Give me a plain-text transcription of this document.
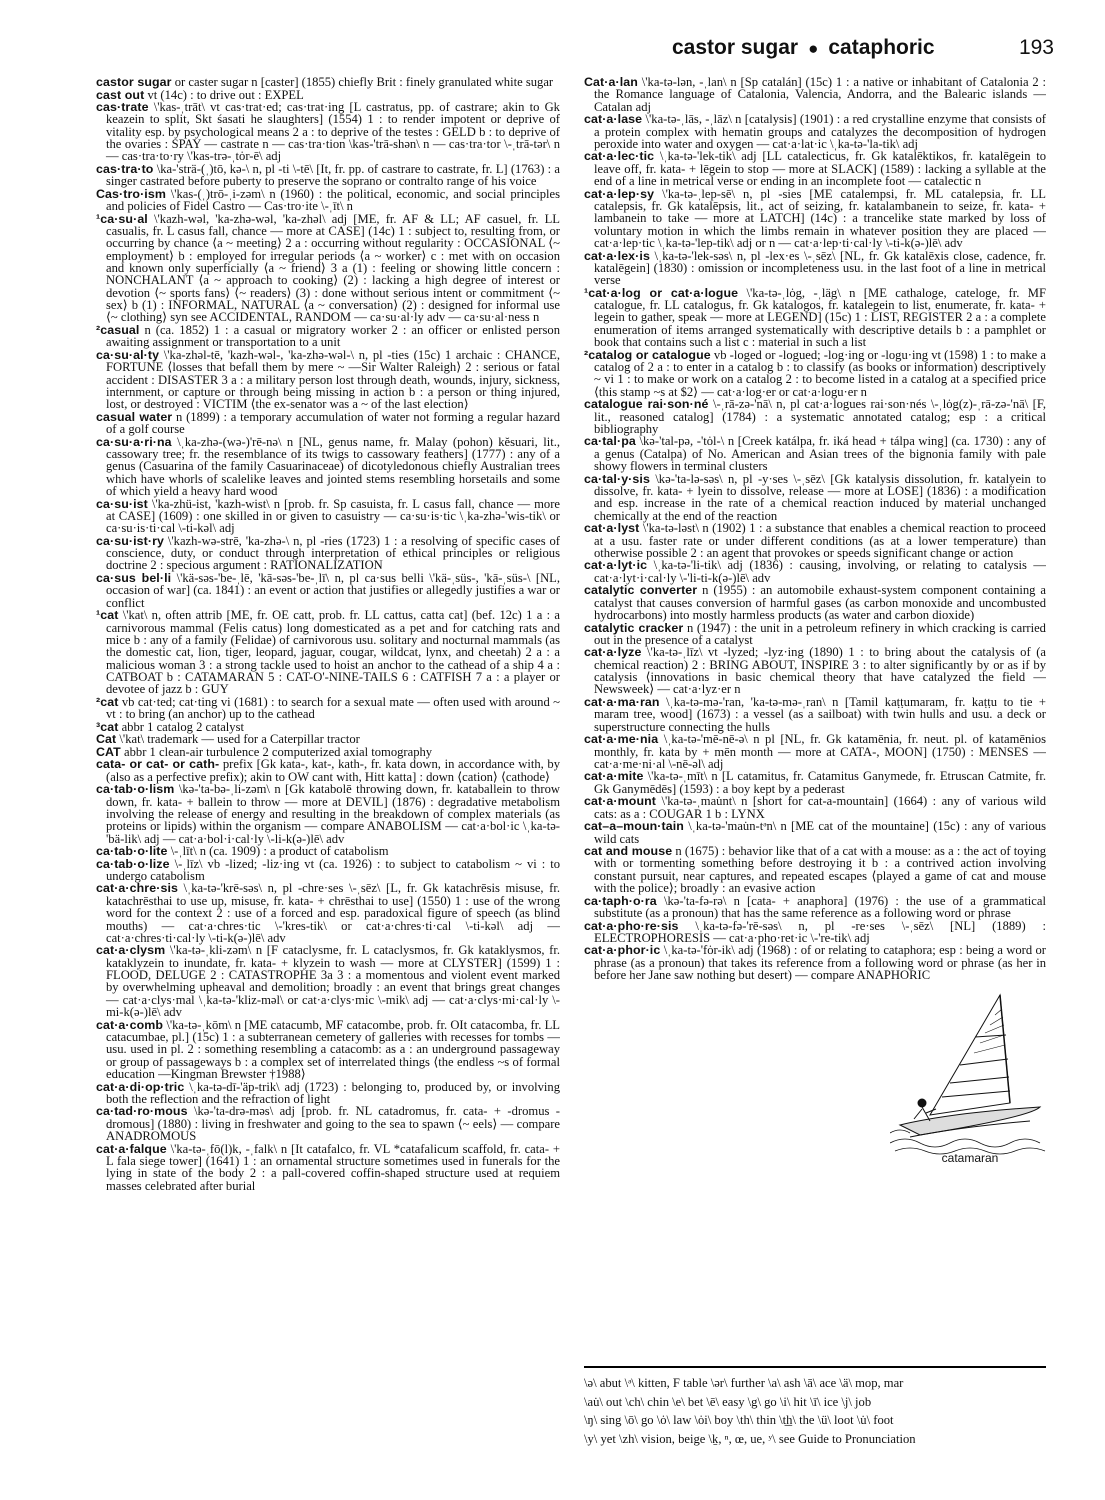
castor sugar ● cataphoric	193

castor sugar or caster sugar n [caster] (1855) chiefly Brit : finely granulated white sugar

cast out vt (14c) : to drive out : EXPEL

cas·trate \'kas-ˌtrāt\ vt cas·trat·ed; cas·trat·ing [L castratus, pp. of castrare; akin to Gk keazein to split, Skt śasati he slaughters] (1554) 1 : to render impotent or deprive of vitality esp. by psychological means 2 a : to deprive of the testes : GELD b : to deprive of the ovaries : SPAY — castrate n — cas·tra·tion \kas-'trā-shən\ n — cas·tra·tor \-ˌtrā-tər\ n — cas·tra·to·ry \'kas-trə-ˌtȯr-ē\ adj

cas·tra·to \ka-'strä-(ˌ)tō, kə-\ n, pl -ti \-tē\ [It, fr. pp. of castrare to castrate, fr. L] (1763) : a singer castrated before puberty to preserve the soprano or contralto range of his voice

Cas·tro·ism \'kas-(ˌ)trō-ˌi-zəm\ n (1960) : the political, economic, and social principles and policies of Fidel Castro — Cas·tro·ite \-ˌīt\ n

¹ca·su·al \'kazh-wəl, 'ka-zhə-wəl, 'ka-zhəl\ adj [ME, fr. AF & LL; AF casuel, fr. LL casualis, fr. L casus fall, chance — more at CASE] (14c) 1 : subject to, resulting from, or occurring by chance ⟨a ~ meeting⟩ 2 a : occurring without regularity : OCCASIONAL ⟨~ employment⟩ b : employed for irregular periods ⟨a ~ worker⟩ c : met with on occasion and known only superficially ⟨a ~ friend⟩ 3 a (1) : feeling or showing little concern : NONCHALANT ⟨a ~ approach to cooking⟩ (2) : lacking a high degree of interest or devotion ⟨~ sports fans⟩ ⟨~ readers⟩ (3) : done without serious intent or commitment ⟨~ sex⟩ b (1) : INFORMAL, NATURAL ⟨a ~ conversation⟩ (2) : designed for informal use ⟨~ clothing⟩ syn see ACCIDENTAL, RANDOM — ca·su·al·ly adv — ca·su·al·ness n

²casual n (ca. 1852) 1 : a casual or migratory worker 2 : an officer or enlisted person awaiting assignment or transportation to a unit

ca·su·al·ty \'ka-zhəl-tē, 'kazh-wəl-, 'ka-zhə-wəl-\ n, pl -ties (15c) 1 archaic : CHANCE, FORTUNE ⟨losses that befall them by mere ~ —Sir Walter Raleigh⟩ 2 : serious or fatal accident : DISASTER 3 a : a military person lost through death, wounds, injury, sickness, internment, or capture or through being missing in action b : a person or thing injured, lost, or destroyed : VICTIM ⟨the ex-senator was a ~ of the last election⟩

casual water n (1899) : a temporary accumulation of water not forming a regular hazard of a golf course

ca·su·a·ri·na \ˌka-zhə-(wə-)'rē-nə\ n [NL, genus name, fr. Malay (pohon) kĕsuari, lit., cassowary tree; fr. the resemblance of its twigs to cassowary feathers] (1777) : any of a genus (Casuarina of the family Casuarinaceae) of dicotyledonous chiefly Australian trees which have whorls of scalelike leaves and jointed stems resembling horsetails and some of which yield a heavy hard wood

ca·su·ist \'ka-zhü-ist, 'kazh-wist\ n [prob. fr. Sp casuista, fr. L casus fall, chance — more at CASE] (1609) : one skilled in or given to casuistry — ca·su·is·tic \ˌka-zhə-'wis-tik\ or ca·su·is·ti·cal \-ti-kəl\ adj

ca·su·ist·ry \'kazh-wə-strē, 'ka-zhə-\ n, pl -ries (1723) 1 : a resolving of specific cases of conscience, duty, or conduct through interpretation of ethical principles or religious doctrine 2 : specious argument : RATIONALIZATION

ca·sus bel·li \'kä-səs-'be-ˌlē, 'kā-səs-'be-ˌlī\ n, pl ca·sus belli \'kä-ˌsüs-, 'kā-ˌsüs-\ [NL, occasion of war] (ca. 1841) : an event or action that justifies or allegedly justifies a war or conflict

¹cat \'kat\ n, often attrib [ME, fr. OE catt, prob. fr. LL cattus, catta cat] (bef. 12c) 1 a : a carnivorous mammal (Felis catus) long domesticated as a pet and for catching rats and mice b : any of a family (Felidae) of carnivorous usu. solitary and nocturnal mammals (as the domestic cat, lion, tiger, leopard, jaguar, cougar, wildcat, lynx, and cheetah) 2 a : a malicious woman 3 : a strong tackle used to hoist an anchor to the cathead of a ship 4 a : CATBOAT b : CATAMARAN 5 : CAT-O'-NINE-TAILS 6 : CATFISH 7 a : a player or devotee of jazz b : GUY

²cat vb cat·ted; cat·ting vi (1681) : to search for a sexual mate — often used with around ~ vt : to bring (an anchor) up to the cathead

³cat abbr 1 catalog 2 catalyst

Cat \'kat\ trademark — used for a Caterpillar tractor

CAT abbr 1 clean-air turbulence 2 computerized axial tomography

cata- or cat- or cath- prefix [Gk kata-, kat-, kath-, fr. kata down, in accordance with, by (also as a perfective prefix); akin to OW cant with, Hitt katta] : down ⟨cation⟩ ⟨cathode⟩

ca·tab·o·lism \kə-'ta-bə-ˌli-zəm\ n [Gk katabolē throwing down, fr. kataballein to throw down, fr. kata- + ballein to throw — more at DEVIL] (1876) : degradative metabolism involving the release of energy and resulting in the breakdown of complex materials (as proteins or lipids) within the organism — compare ANABOLISM — cat·a·bol·ic \ˌka-tə-'bä-lik\ adj — cat·a·bol·i·cal·ly \-li-k(ə-)lē\ adv

ca·tab·o·lite \-ˌlīt\ n (ca. 1909) : a product of catabolism

ca·tab·o·lize \-ˌlīz\ vb -lized; -liz·ing vt (ca. 1926) : to subject to catabolism ~ vi : to undergo catabolism

cat·a·chre·sis \ˌka-tə-'krē-səs\ n, pl -chre·ses \-ˌsēz\ [L, fr. Gk katachrēsis misuse, fr. katachrēsthai to use up, misuse, fr. kata- + chrēsthai to use] (1550) 1 : use of the wrong word for the context 2 : use of a forced and esp. paradoxical figure of speech (as blind mouths) — cat·a·chres·tic \-'kres-tik\ or cat·a·chres·ti·cal \-ti-kəl\ adj — cat·a·chres·ti·cal·ly \-ti-k(ə-)lē\ adv

cat·a·clysm \'ka-tə-ˌkli-zəm\ n [F cataclysme, fr. L cataclysmos, fr. Gk kataklysmos, fr. kataklyzein to inundate, fr. kata- + klyzein to wash — more at CLYSTER] (1599) 1 : FLOOD, DELUGE 2 : CATASTROPHE 3a 3 : a momentous and violent event marked by overwhelming upheaval and demolition; broadly : an event that brings great changes — cat·a·clys·mal \ˌka-tə-'kliz-məl\ or cat·a·clys·mic \-mik\ adj — cat·a·clys·mi·cal·ly \-mi-k(ə-)lē\ adv

cat·a·comb \'ka-tə-ˌkōm\ n [ME catacumb, MF catacombe, prob. fr. OIt catacomba, fr. LL catacumbae, pl.] (15c) 1 : a subterranean cemetery of galleries with recesses for tombs — usu. used in pl. 2 : something resembling a catacomb: as a : an underground passageway or group of passageways b : a complex set of interrelated things ⟨the endless ~s of formal education —Kingman Brewster †1988⟩

cat·a·di·op·tric \ˌka-tə-dī-'äp-trik\ adj (1723) : belonging to, produced by, or involving both the reflection and the refraction of light

ca·tad·ro·mous \kə-'ta-drə-məs\ adj [prob. fr. NL catadromus, fr. cata- + -dromus -dromous] (1880) : living in freshwater and going to the sea to spawn ⟨~ eels⟩ — compare ANADROMOUS

cat·a·falque \'ka-tə-ˌfō(l)k, -ˌfalk\ n [It catafalco, fr. VL *catafalicum scaffold, fr. cata- + L fala siege tower] (1641) 1 : an ornamental structure sometimes used in funerals for the lying in state of the body 2 : a pall-covered coffin-shaped structure used at requiem masses celebrated after burial

Cat·a·lan \'ka-tə-lən, -ˌlan\ n [Sp catalán] (15c) 1 : a native or inhabitant of Catalonia 2 : the Romance language of Catalonia, Valencia, Andorra, and the Balearic islands — Catalan adj

cat·a·lase \'ka-tə-ˌlās, -ˌlāz\ n [catalysis] (1901) : a red crystalline enzyme that consists of a protein complex with hematin groups and catalyzes the decomposition of hydrogen peroxide into water and oxygen — cat·a·lat·ic \ˌka-tə-'la-tik\ adj

cat·a·lec·tic \ˌka-tə-'lek-tik\ adj [LL catalecticus, fr. Gk katalēktikos, fr. katalēgein to leave off, fr. kata- + lēgein to stop — more at SLACK] (1589) : lacking a syllable at the end of a line in metrical verse or ending in an incomplete foot — catalectic n

cat·a·lep·sy \'ka-tə-ˌlep-sē\ n, pl -sies [ME catalempsi, fr. ML catalepsia, fr. LL catalepsis, fr. Gk katalēpsis, lit., act of seizing, fr. katalambanein to seize, fr. kata- + lambanein to take — more at LATCH] (14c) : a trancelike state marked by loss of voluntary motion in which the limbs remain in whatever position they are placed — cat·a·lep·tic \ˌka-tə-'lep-tik\ adj or n — cat·a·lep·ti·cal·ly \-ti-k(ə-)lē\ adv

cat·a·lex·is \ˌka-tə-'lek-səs\ n, pl -lex·es \-ˌsēz\ [NL, fr. Gk katalēxis close, cadence, fr. katalēgein] (1830) : omission or incompleteness usu. in the last foot of a line in metrical verse

¹cat·a·log or cat·a·logue \'ka-tə-ˌlȯg, -ˌläg\ n [ME cathaloge, cateloge, fr. MF catalogue, fr. LL catalogus, fr. Gk katalogos, fr. katalegein to list, enumerate, fr. kata- + legein to gather, speak — more at LEGEND] (15c) 1 : LIST, REGISTER 2 a : a complete enumeration of items arranged systematically with descriptive details b : a pamphlet or book that contains such a list c : material in such a list

²catalog or catalogue vb -loged or -logued; -log·ing or -logu·ing vt (1598) 1 : to make a catalog of 2 a : to enter in a catalog b : to classify (as books or information) descriptively ~ vi 1 : to make or work on a catalog 2 : to become listed in a catalog at a specified price ⟨this stamp ~s at $2⟩ — cat·a·log·er or cat·a·logu·er n

catalogue rai·son·né \-ˌrā-zə-'nā\ n, pl cat·a·logues rai·son·nés \-ˌlȯg(z)-ˌrā-zə-'nā\ [F, lit., reasoned catalog] (1784) : a systematic annotated catalog; esp : a critical bibliography

ca·tal·pa \kə-'tal-pə, -'tȯl-\ n [Creek katálpa, fr. iká head + tálpa wing] (ca. 1730) : any of a genus (Catalpa) of No. American and Asian trees of the bignonia family with pale showy flowers in terminal clusters

ca·tal·y·sis \kə-'ta-lə-səs\ n, pl -y·ses \-ˌsēz\ [Gk katalysis dissolution, fr. katalyein to dissolve, fr. kata- + lyein to dissolve, release — more at LOSE] (1836) : a modification and esp. increase in the rate of a chemical reaction induced by material unchanged chemically at the end of the reaction

cat·a·lyst \'ka-tə-ləst\ n (1902) 1 : a substance that enables a chemical reaction to proceed at a usu. faster rate or under different conditions (as at a lower temperature) than otherwise possible 2 : an agent that provokes or speeds significant change or action

cat·a·lyt·ic \ˌka-tə-'li-tik\ adj (1836) : causing, involving, or relating to catalysis — cat·a·lyt·i·cal·ly \-'li-ti-k(ə-)lē\ adv

catalytic converter n (1955) : an automobile exhaust-system component containing a catalyst that causes conversion of harmful gases (as carbon monoxide and uncombusted hydrocarbons) into mostly harmless products (as water and carbon dioxide)

catalytic cracker n (1947) : the unit in a petroleum refinery in which cracking is carried out in the presence of a catalyst

cat·a·lyze \'ka-tə-ˌlīz\ vt -lyzed; -lyz·ing (1890) 1 : to bring about the catalysis of (a chemical reaction) 2 : BRING ABOUT, INSPIRE 3 : to alter significantly by or as if by catalysis ⟨innovations in basic chemical theory that have catalyzed the field —Newsweek⟩ — cat·a·lyz·er n

cat·a·ma·ran \ˌka-tə-mə-'ran, 'ka-tə-mə-ˌran\ n [Tamil kaṭṭumaram, fr. kaṭṭu to tie + maram tree, wood] (1673) : a vessel (as a sailboat) with twin hulls and usu. a deck or superstructure connecting the hulls

cat·a·me·nia \ˌka-tə-'mē-nē-ə\ n pl [NL, fr. Gk katamēnia, fr. neut. pl. of katamēnios monthly, fr. kata by + mēn month — more at CATA-, MOON] (1750) : MENSES — cat·a·me·ni·al \-nē-əl\ adj

cat·a·mite \'ka-tə-ˌmīt\ n [L catamitus, fr. Catamitus Ganymede, fr. Etruscan Catmite, fr. Gk Ganymēdēs] (1593) : a boy kept by a pederast

cat·a·mount \'ka-tə-ˌmau̇nt\ n [short for cat-a-mountain] (1664) : any of various wild cats: as a : COUGAR 1 b : LYNX

cat–a–moun·tain \ˌka-tə-'mau̇n-tᵊn\ n [ME cat of the mountaine] (15c) : any of various wild cats

cat and mouse n (1675) : behavior like that of a cat with a mouse: as a : the act of toying with or tormenting something before destroying it b : a contrived action involving constant pursuit, near captures, and repeated escapes ⟨played a game of cat and mouse with the police⟩; broadly : an evasive action

ca·taph·o·ra \kə-'ta-fə-rə\ n [cata- + anaphora] (1976) : the use of a grammatical substitute (as a pronoun) that has the same reference as a following word or phrase

cat·a·pho·re·sis \ˌka-tə-fə-'rē-səs\ n, pl -re·ses \-ˌsēz\ [NL] (1889) : ELECTROPHORESIS — cat·a·pho·ret·ic \-'re-tik\ adj

cat·a·phor·ic \ˌka-tə-'fȯr-ik\ adj (1968) : of or relating to cataphora; esp : being a word or phrase (as a pronoun) that takes its reference from a following word or phrase (as her in before her Jane saw nothing but desert) — compare ANAPHORIC

catamaran
\ə\ abut \ᵊ\ kitten, F table \ər\ further \a\ ash \ā\ ace \ä\ mop, mar
\au̇\ out \ch\ chin \e\ bet \ē\ easy \g\ go \i\ hit \ī\ ice \j\ job
\ŋ\ sing \ō\ go \ȯ\ law \ȯi\ boy \th\ thin \t͟h\ the \ü\ loot \u̇\ foot
\y\ yet \zh\ vision, beige \ḵ, ⁿ, œ, ue, ʸ\ see Guide to Pronunciation
